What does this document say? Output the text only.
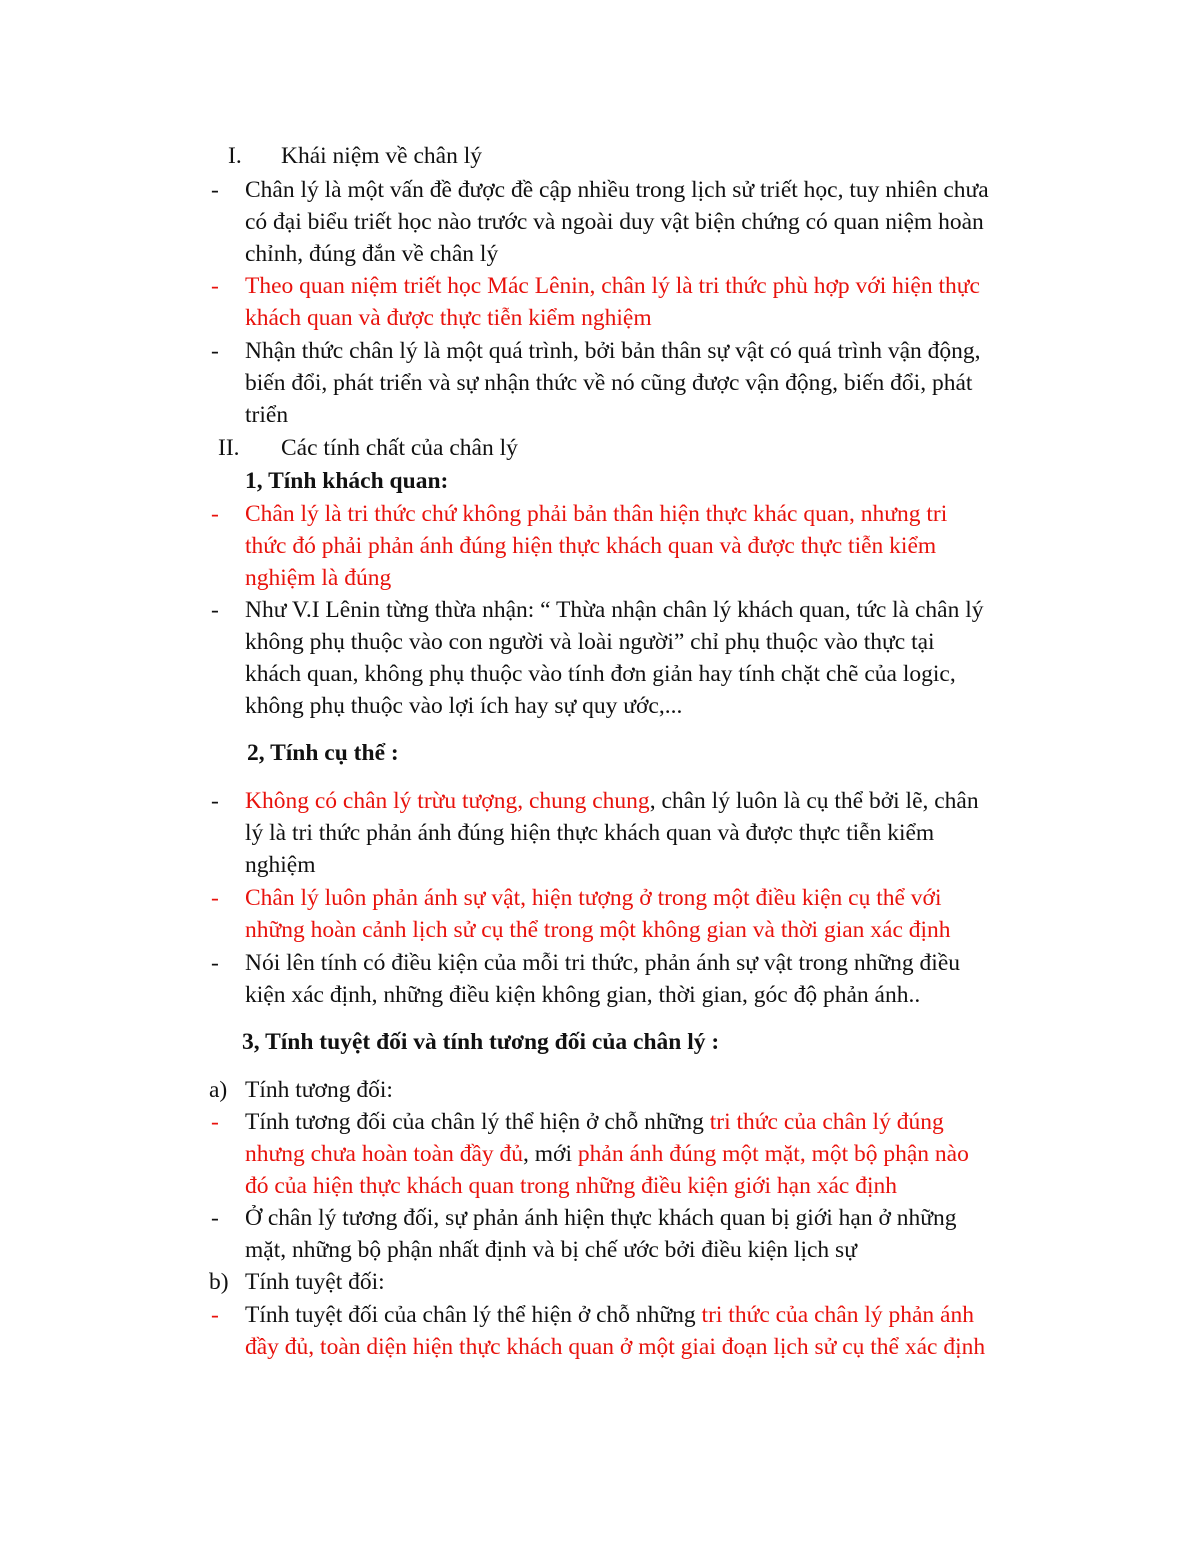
I. Khái niệm về chân lý
- Chân lý là một vấn đề được đề cập nhiều trong lịch sử triết học, tuy nhiên chưa
có đại biểu triết học nào trước và ngoài duy vật biện chứng có quan niệm hoàn
chỉnh, đúng đắn về chân lý
- Theo quan niệm triết học Mác Lênin, chân lý là tri thức phù hợp với hiện thực
khách quan và được thực tiễn kiểm nghiệm
- Nhận thức chân lý là một quá trình, bởi bản thân sự vật có quá trình vận động,
biến đổi, phát triển và sự nhận thức về nó cũng được vận động, biến đổi, phát
triển
II. Các tính chất của chân lý
1, Tính khách quan:
- Chân lý là tri thức chứ không phải bản thân hiện thực khác quan, nhưng tri
thức đó phải phản ánh đúng hiện thực khách quan và được thực tiễn kiểm
nghiệm là đúng
- Như V.I Lênin từng thừa nhận: “ Thừa nhận chân lý khách quan, tức là chân lý
không phụ thuộc vào con người và loài người” chỉ phụ thuộc vào thực tại
khách quan, không phụ thuộc vào tính đơn giản hay tính chặt chẽ của logic,
không phụ thuộc vào lợi ích hay sự quy ước,...
2, Tính cụ thể :
- Không có chân lý trừu tượng, chung chung, chân lý luôn là cụ thể bởi lẽ, chân
lý là tri thức phản ánh đúng hiện thực khách quan và được thực tiễn kiểm
nghiệm
- Chân lý luôn phản ánh sự vật, hiện tượng ở trong một điều kiện cụ thể với
những hoàn cảnh lịch sử cụ thể trong một không gian và thời gian xác định
- Nói lên tính có điều kiện của mỗi tri thức, phản ánh sự vật trong những điều
kiện xác định, những điều kiện không gian, thời gian, góc độ phản ánh..
3, Tính tuyệt đối và tính tương đối của chân lý :
a) Tính tương đối:
- Tính tương đối của chân lý thể hiện ở chỗ những tri thức của chân lý đúng
nhưng chưa hoàn toàn đầy đủ, mới phản ánh đúng một mặt, một bộ phận nào
đó của hiện thực khách quan trong những điều kiện giới hạn xác định
- Ở chân lý tương đối, sự phản ánh hiện thực khách quan bị giới hạn ở những
mặt, những bộ phận nhất định và bị chế ước bởi điều kiện lịch sự
b) Tính tuyệt đối:
- Tính tuyệt đối của chân lý thể hiện ở chỗ những tri thức của chân lý phản ánh
đầy đủ, toàn diện hiện thực khách quan ở một giai đoạn lịch sử cụ thể xác định
